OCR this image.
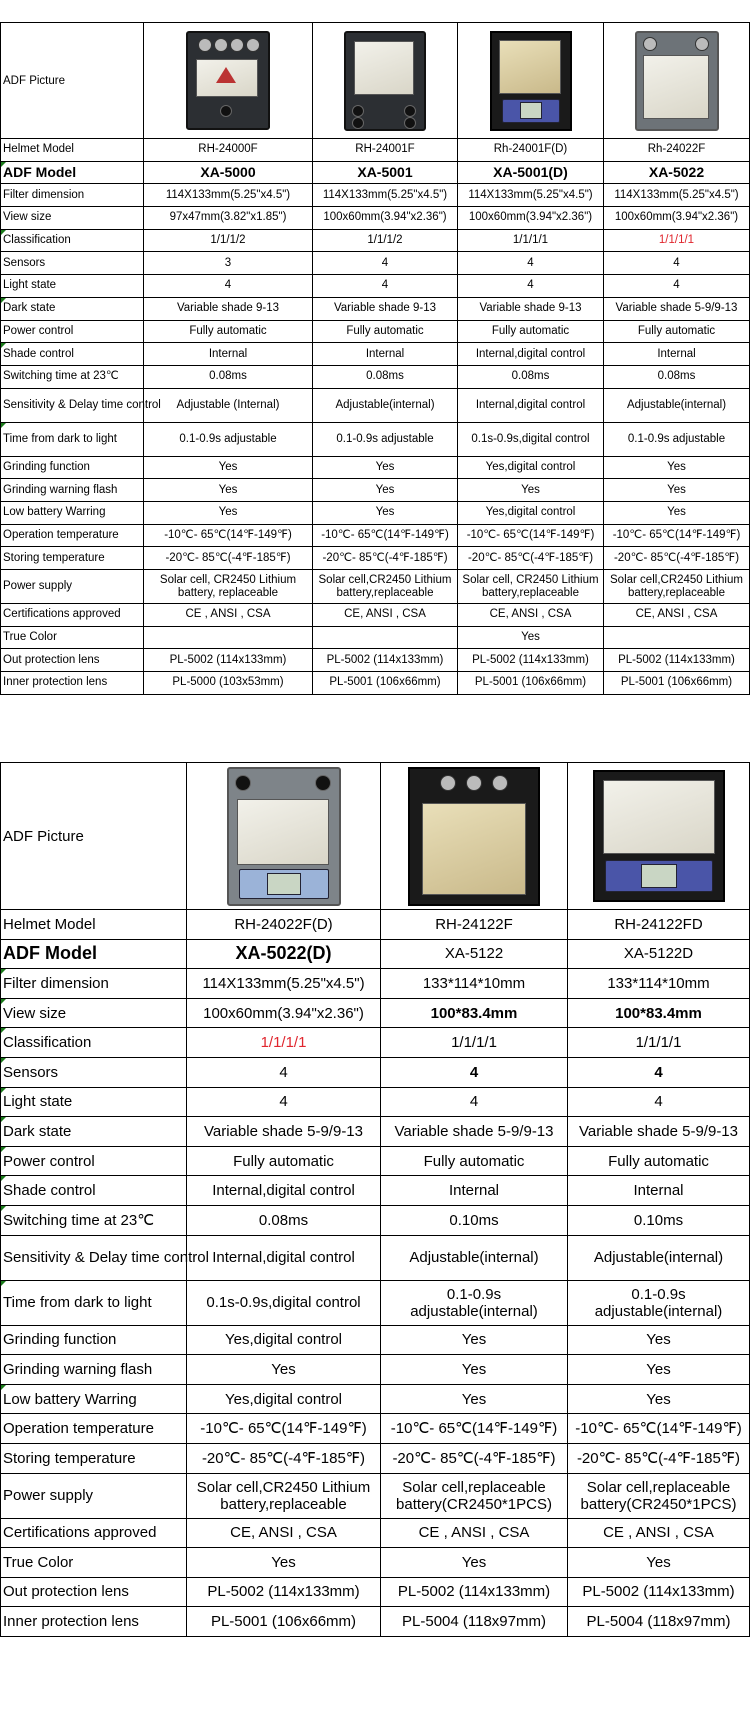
ADF Picture	

Helmet Model	RH-24000F	RH-24001F	Rh-24001F(D)	Rh-24022F

ADF Model	XA-5000	XA-5001	XA-5001(D)	XA-5022
Filter dimension	114X133mm(5.25"x4.5")	114X133mm(5.25"x4.5")	114X133mm(5.25"x4.5")	114X133mm(5.25"x4.5")
View size	97x47mm(3.82"x1.85")	100x60mm(3.94"x2.36")	100x60mm(3.94"x2.36")	100x60mm(3.94"x2.36")

Classification	1/1/1/2	1/1/1/2	1/1/1/1	1/1/1/1
Sensors	3	4	4	4
Light state	4	4	4	4

Dark state	Variable shade 9-13	Variable shade 9-13	Variable shade 9-13	Variable shade 5-9/9-13
Power control	Fully automatic	Fully automatic	Fully automatic	Fully automatic

Shade control	Internal	Internal	Internal,digital control	Internal
Switching time at 23℃	0.08ms	0.08ms	0.08ms	0.08ms
Sensitivity & Delay time control	Adjustable (Internal)	Adjustable(internal)	Internal,digital control	Adjustable(internal)

Time from dark to light	0.1-0.9s adjustable	0.1-0.9s adjustable	0.1s-0.9s,digital control	0.1-0.9s adjustable
Grinding function	Yes	Yes	Yes,digital control	Yes
Grinding warning flash	Yes	Yes	Yes	Yes
Low battery Warring	Yes	Yes	Yes,digital control	Yes
Operation temperature	-10℃- 65℃(14℉-149℉)	-10℃- 65℃(14℉-149℉)	-10℃- 65℃(14℉-149℉)	-10℃- 65℃(14℉-149℉)
Storing temperature	-20℃- 85℃(-4℉-185℉)	-20℃- 85℃(-4℉-185℉)	-20℃- 85℃(-4℉-185℉)	-20℃- 85℃(-4℉-185℉)
Power supply	Solar cell, CR2450 Lithium battery, replaceable	Solar cell,CR2450 Lithium battery,replaceable	Solar cell, CR2450 Lithium battery,replaceable	Solar cell,CR2450 Lithium battery,replaceable
Certifications approved	CE , ANSI , CSA	CE, ANSI , CSA	CE, ANSI , CSA	CE, ANSI , CSA
True Color			Yes	
Out protection lens	PL-5002 (114x133mm)	PL-5002 (114x133mm)	PL-5002 (114x133mm)	PL-5002 (114x133mm)
Inner protection lens	PL-5000 (103x53mm)	PL-5001 (106x66mm)	PL-5001 (106x66mm)	PL-5001 (106x66mm)
ADF Picture	

Helmet Model	RH-24022F(D)	RH-24122F	RH-24122FD
ADF Model	XA-5022(D)	XA-5122	XA-5122D

Filter dimension	114X133mm(5.25"x4.5")	133*114*10mm	133*114*10mm

View size	100x60mm(3.94"x2.36")	100*83.4mm	100*83.4mm

Classification	1/1/1/1	1/1/1/1	1/1/1/1

Sensors	4	4	4

Light state	4	4	4

Dark state	Variable shade 5-9/9-13	Variable shade 5-9/9-13	Variable shade 5-9/9-13

Power control	Fully automatic	Fully automatic	Fully automatic

Shade control	Internal,digital control	Internal	Internal

Switching time at 23℃	0.08ms	0.10ms	0.10ms
Sensitivity & Delay time control	Internal,digital control	Adjustable(internal)	Adjustable(internal)

Time from dark to light	0.1s-0.9s,digital control	0.1-0.9s adjustable(internal)	0.1-0.9s adjustable(internal)
Grinding function	Yes,digital control	Yes	Yes
Grinding warning flash	Yes	Yes	Yes

Low battery Warring	Yes,digital control	Yes	Yes
Operation temperature	-10℃- 65℃(14℉-149℉)	-10℃- 65℃(14℉-149℉)	-10℃- 65℃(14℉-149℉)
Storing temperature	-20℃- 85℃(-4℉-185℉)	-20℃- 85℃(-4℉-185℉)	-20℃- 85℃(-4℉-185℉)
Power supply	Solar cell,CR2450 Lithium battery,replaceable	Solar cell,replaceable battery(CR2450*1PCS)	Solar cell,replaceable battery(CR2450*1PCS)
Certifications approved	CE, ANSI , CSA	CE , ANSI , CSA	CE , ANSI , CSA
True Color	Yes	Yes	Yes
Out protection lens	PL-5002 (114x133mm)	PL-5002 (114x133mm)	PL-5002 (114x133mm)
Inner protection lens	PL-5001 (106x66mm)	PL-5004 (118x97mm)	PL-5004 (118x97mm)
